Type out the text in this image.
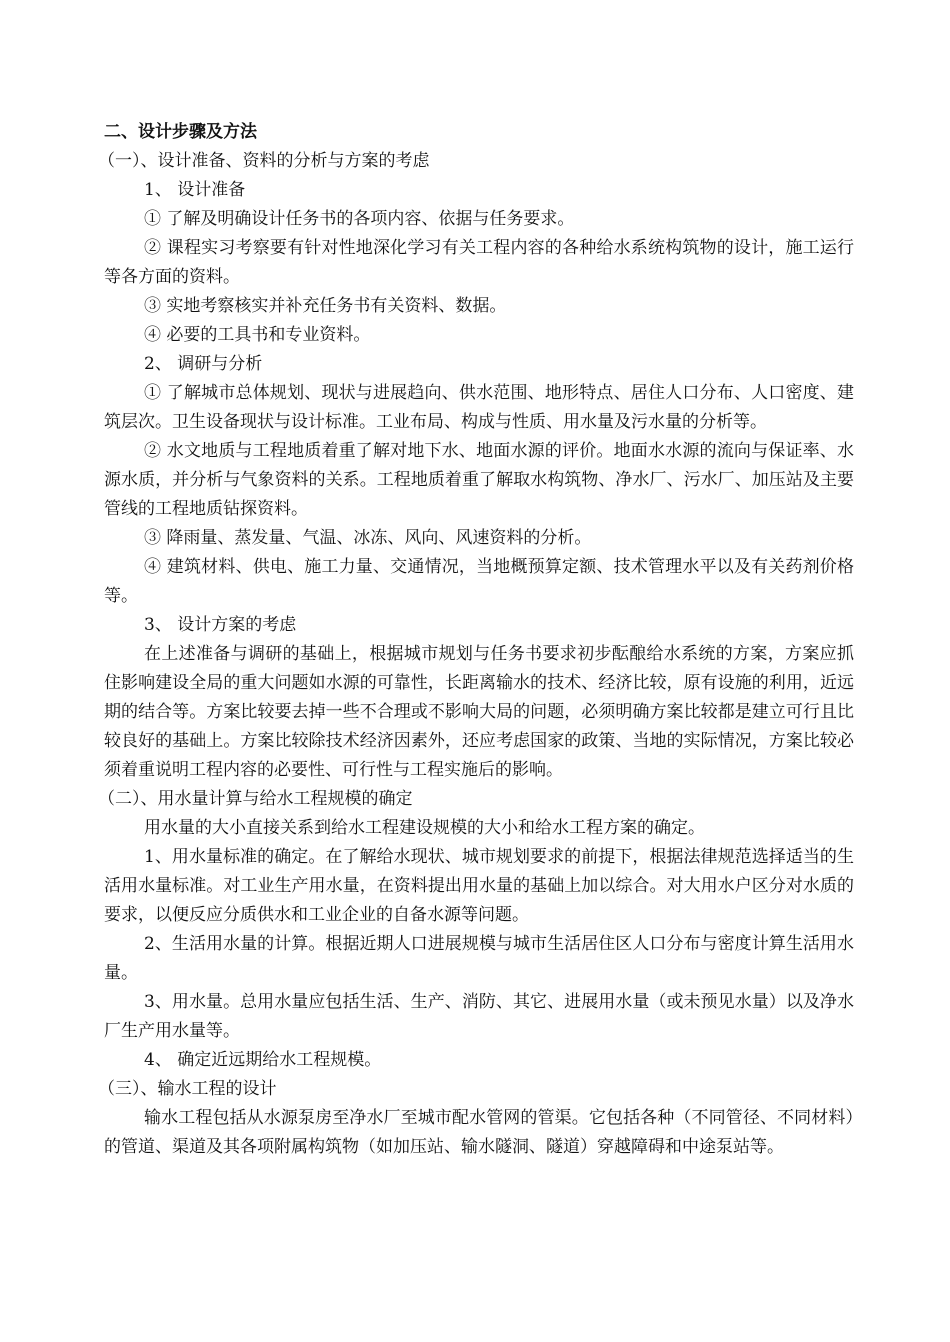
二、设计步骤及方法

（一）、设计准备、资料的分析与方案的考虑

1、 设计准备

① 了解及明确设计任务书的各项内容、依据与任务要求。

② 课程实习考察要有针对性地深化学习有关工程内容的各种给水系统构筑物的设计，施工运行等各方面的资料。

③ 实地考察核实并补充任务书有关资料、数据。

④ 必要的工具书和专业资料。

2、 调研与分析

① 了解城市总体规划、现状与进展趋向、供水范围、地形特点、居住人口分布、人口密度、建筑层次。卫生设备现状与设计标准。工业布局、构成与性质、用水量及污水量的分析等。

② 水文地质与工程地质着重了解对地下水、地面水源的评价。地面水水源的流向与保证率、水源水质，并分析与气象资料的关系。工程地质着重了解取水构筑物、净水厂、污水厂、加压站及主要管线的工程地质钻探资料。

③ 降雨量、蒸发量、气温、冰冻、风向、风速资料的分析。

④ 建筑材料、供电、施工力量、交通情况，当地概预算定额、技术管理水平以及有关药剂价格等。

3、 设计方案的考虑

在上述准备与调研的基础上，根据城市规划与任务书要求初步酝酿给水系统的方案，方案应抓住影响建设全局的重大问题如水源的可靠性，长距离输水的技术、经济比较，原有设施的利用，近远期的结合等。方案比较要去掉一些不合理或不影响大局的问题，必须明确方案比较都是建立可行且比较良好的基础上。方案比较除技术经济因素外，还应考虑国家的政策、当地的实际情况，方案比较必须着重说明工程内容的必要性、可行性与工程实施后的影响。

（二）、用水量计算与给水工程规模的确定

用水量的大小直接关系到给水工程建设规模的大小和给水工程方案的确定。

1、用水量标准的确定。在了解给水现状、城市规划要求的前提下，根据法律规范选择适当的生活用水量标准。对工业生产用水量，在资料提出用水量的基础上加以综合。对大用水户区分对水质的要求，以便反应分质供水和工业企业的自备水源等问题。

2、生活用水量的计算。根据近期人口进展规模与城市生活居住区人口分布与密度计算生活用水量。

3、用水量。总用水量应包括生活、生产、消防、其它、进展用水量（或未预见水量）以及净水厂生产用水量等。

4、 确定近远期给水工程规模。

（三）、输水工程的设计

输水工程包括从水源泵房至净水厂至城市配水管网的管渠。它包括各种（不同管径、不同材料）的管道、渠道及其各项附属构筑物（如加压站、输水隧洞、隧道）穿越障碍和中途泵站等。
